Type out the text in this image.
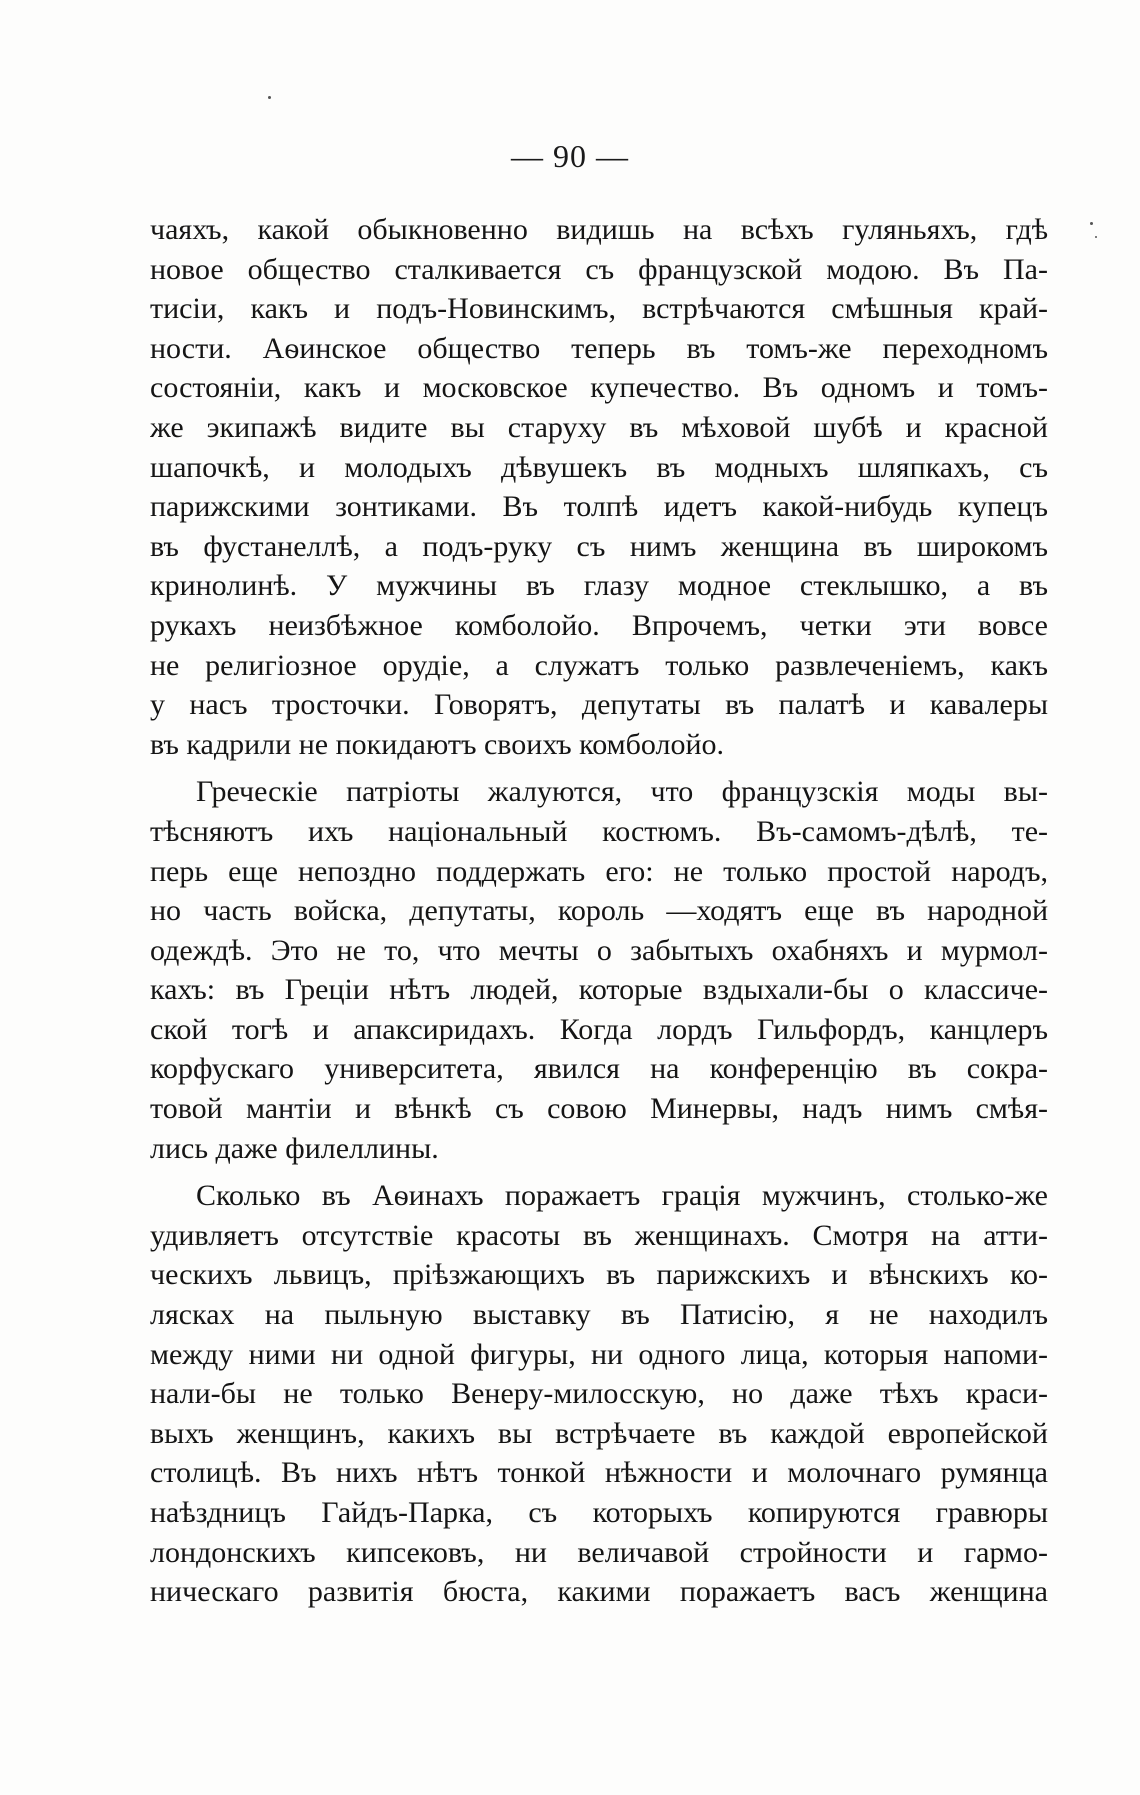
— 90 —
чаяхъ, какой обыкновенно видишь на всѣхъ гуляньяхъ, гдѣ
новое общество сталкивается съ французской модою. Въ Па-
тисіи, какъ и подъ-Новинскимъ, встрѣчаются смѣшныя край-
ности. Аѳинское общество теперь въ томъ-же переходномъ
состояніи, какъ и московское купечество. Въ одномъ и томъ-
же экипажѣ видите вы старуху въ мѣховой шубѣ и красной
шапочкѣ, и молодыхъ дѣвушекъ въ модныхъ шляпкахъ, съ
парижскими зонтиками. Въ толпѣ идетъ какой-нибудь купецъ
въ фустанеллѣ, а подъ-руку съ нимъ женщина въ широкомъ
кринолинѣ. У мужчины въ глазу модное стеклышко, а въ
рукахъ неизбѣжное комболойо. Впрочемъ, четки эти вовсе
не религіозное орудіе, а служатъ только развлеченіемъ, какъ
у насъ тросточки. Говорятъ, депутаты въ палатѣ и кавалеры
въ кадрили не покидаютъ своихъ комболойо.
Греческіе патріоты жалуются, что французскія моды вы-
тѣсняютъ ихъ національный костюмъ. Въ-самомъ-дѣлѣ, те-
перь еще непоздно поддержать его: не только простой народъ,
но часть войска, депутаты, король —ходятъ еще въ народной
одеждѣ. Это не то, что мечты о забытыхъ охабняхъ и мурмол-
кахъ: въ Греціи нѣтъ людей, которые вздыхали-бы о классиче-
ской тогѣ и апаксиридахъ. Когда лордъ Гильфордъ, канцлеръ
корфускаго университета, явился на конференцію въ сокра-
товой мантіи и вѣнкѣ съ совою Минервы, надъ нимъ смѣя-
лись даже филеллины.
Сколько въ Аѳинахъ поражаетъ грація мужчинъ, столько-же
удивляетъ отсутствіе красоты въ женщинахъ. Смотря на атти-
ческихъ львицъ, пріѣзжающихъ въ парижскихъ и вѣнскихъ ко-
лясках на пыльную выставку въ Патисію, я не находилъ
между ними ни одной фигуры, ни одного лица, которыя напоми-
нали-бы не только Венеру-милосскую, но даже тѣхъ краси-
выхъ женщинъ, какихъ вы встрѣчаете въ каждой европейской
столицѣ. Въ нихъ нѣтъ тонкой нѣжности и молочнаго румянца
наѣздницъ Гайдъ-Парка, съ которыхъ копируются гравюры
лондонскихъ кипсековъ, ни величавой стройности и гармо-
ническаго развитія бюста, какими поражаетъ васъ женщина
